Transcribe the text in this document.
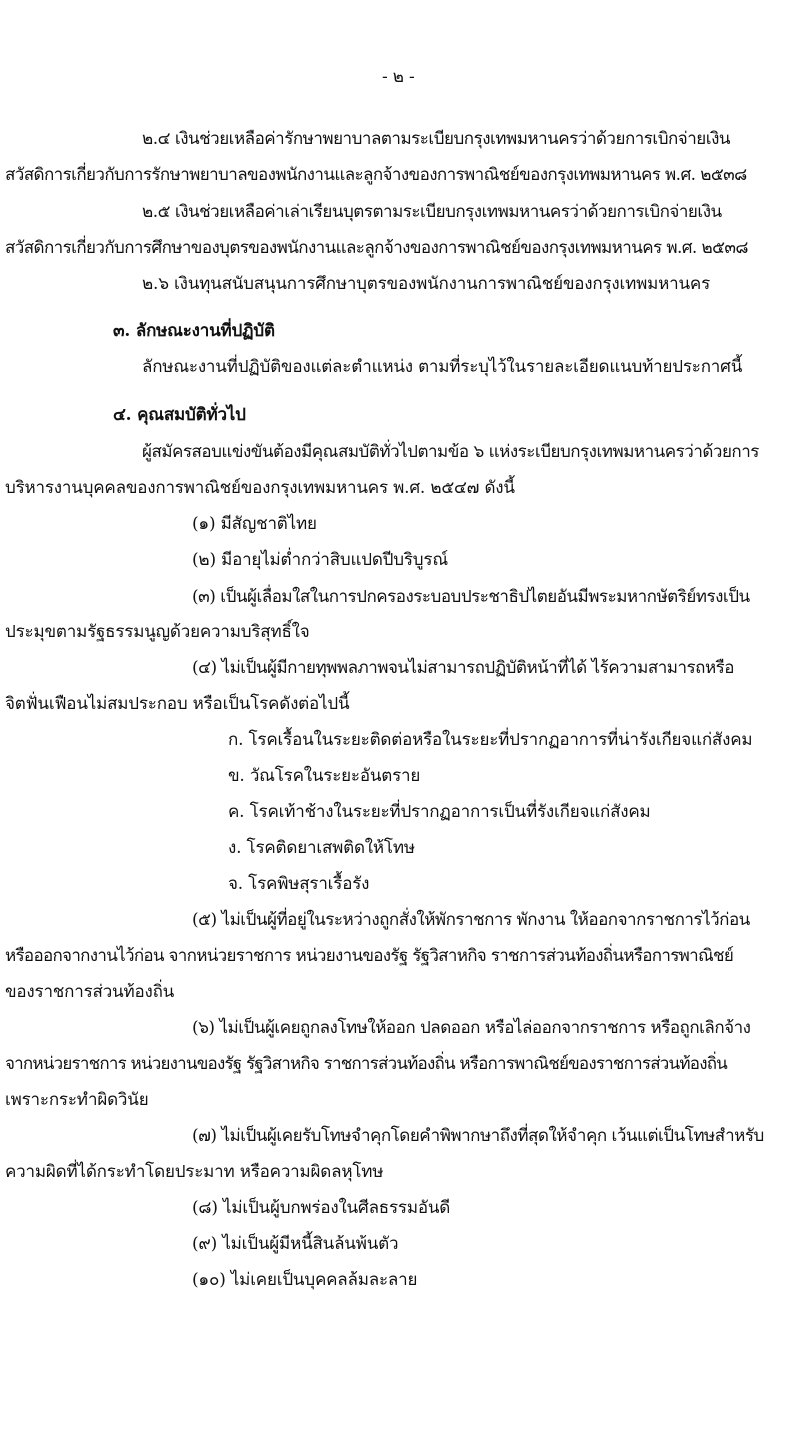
- ๒ -
๒.๔ เงินช่วยเหลือค่ารักษาพยาบาลตามระเบียบกรุงเทพมหานครว่าด้วยการเบิกจ่ายเงิน
สวัสดิการเกี่ยวกับการรักษาพยาบาลของพนักงานและลูกจ้างของการพาณิชย์ของกรุงเทพมหานคร พ.ศ. ๒๕๓๘
๒.๕ เงินช่วยเหลือค่าเล่าเรียนบุตรตามระเบียบกรุงเทพมหานครว่าด้วยการเบิกจ่ายเงิน
สวัสดิการเกี่ยวกับการศึกษาของบุตรของพนักงานและลูกจ้างของการพาณิชย์ของกรุงเทพมหานคร พ.ศ. ๒๕๓๘
๒.๖ เงินทุนสนับสนุนการศึกษาบุตรของพนักงานการพาณิชย์ของกรุงเทพมหานคร
๓. ลักษณะงานที่ปฏิบัติ
ลักษณะงานที่ปฏิบัติของแต่ละตำแหน่ง ตามที่ระบุไว้ในรายละเอียดแนบท้ายประกาศนี้
๔. คุณสมบัติทั่วไป
ผู้สมัครสอบแข่งขันต้องมีคุณสมบัติทั่วไปตามข้อ ๖ แห่งระเบียบกรุงเทพมหานครว่าด้วยการ
บริหารงานบุคคลของการพาณิชย์ของกรุงเทพมหานคร พ.ศ. ๒๕๔๗ ดังนี้
(๑) มีสัญชาติไทย
(๒) มีอายุไม่ต่ำกว่าสิบแปดปีบริบูรณ์
(๓) เป็นผู้เลื่อมใสในการปกครองระบอบประชาธิปไตยอันมีพระมหากษัตริย์ทรงเป็น
ประมุขตามรัฐธรรมนูญด้วยความบริสุทธิ์ใจ
(๔) ไม่เป็นผู้มีกายทุพพลภาพจนไม่สามารถปฏิบัติหน้าที่ได้ ไร้ความสามารถหรือ
จิตฟั่นเฟือนไม่สมประกอบ หรือเป็นโรคดังต่อไปนี้
ก. โรคเรื้อนในระยะติดต่อหรือในระยะที่ปรากฏอาการที่น่ารังเกียจแก่สังคม
ข. วัณโรคในระยะอันตราย
ค. โรคเท้าช้างในระยะที่ปรากฏอาการเป็นที่รังเกียจแก่สังคม
ง. โรคติดยาเสพติดให้โทษ
จ. โรคพิษสุราเรื้อรัง
(๕) ไม่เป็นผู้ที่อยู่ในระหว่างถูกสั่งให้พักราชการ พักงาน ให้ออกจากราชการไว้ก่อน
หรือออกจากงานไว้ก่อน จากหน่วยราชการ หน่วยงานของรัฐ รัฐวิสาหกิจ ราชการส่วนท้องถิ่นหรือการพาณิชย์
ของราชการส่วนท้องถิ่น
(๖) ไม่เป็นผู้เคยถูกลงโทษให้ออก ปลดออก หรือไล่ออกจากราชการ หรือถูกเลิกจ้าง
จากหน่วยราชการ หน่วยงานของรัฐ รัฐวิสาหกิจ ราชการส่วนท้องถิ่น หรือการพาณิชย์ของราชการส่วนท้องถิ่น
เพราะกระทำผิดวินัย
(๗) ไม่เป็นผู้เคยรับโทษจำคุกโดยคำพิพากษาถึงที่สุดให้จำคุก เว้นแต่เป็นโทษสำหรับ
ความผิดที่ได้กระทำโดยประมาท หรือความผิดลหุโทษ
(๘) ไม่เป็นผู้บกพร่องในศีลธรรมอันดี
(๙) ไม่เป็นผู้มีหนี้สินล้นพ้นตัว
(๑๐) ไม่เคยเป็นบุคคลล้มละลาย
